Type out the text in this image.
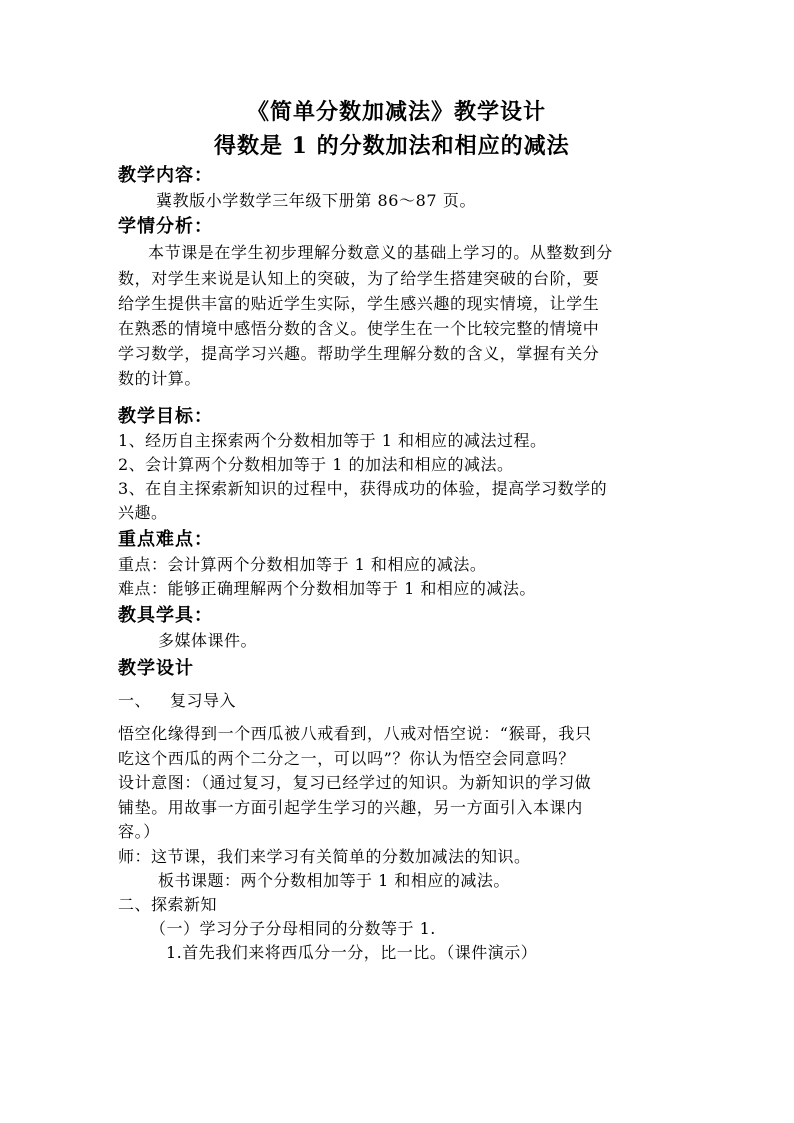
《简单分数加减法》教学设计
得数是 1 的分数加法和相应的减法
教学内容：
冀教版小学数学三年级下册第 86～87 页。
学情分析：
本节课是在学生初步理解分数意义的基础上学习的。从整数到分
数，对学生来说是认知上的突破，为了给学生搭建突破的台阶，要
给学生提供丰富的贴近学生实际，学生感兴趣的现实情境，让学生
在熟悉的情境中感悟分数的含义。使学生在一个比较完整的情境中
学习数学，提高学习兴趣。帮助学生理解分数的含义，掌握有关分
数的计算。
教学目标：
1、经历自主探索两个分数相加等于 1 和相应的减法过程。
2、会计算两个分数相加等于 1 的加法和相应的减法。
3、在自主探索新知识的过程中，获得成功的体验，提高学习数学的
兴趣。
重点难点：
重点：会计算两个分数相加等于 1 和相应的减法。
难点：能够正确理解两个分数相加等于 1 和相应的减法。
教具学具：
多媒体课件。
教学设计
一、 复习导入
悟空化缘得到一个西瓜被八戒看到，八戒对悟空说：“猴哥，我只
吃这个西瓜的两个二分之一，可以吗”？你认为悟空会同意吗？
设计意图：（通过复习，复习已经学过的知识。为新知识的学习做
铺垫。用故事一方面引起学生学习的兴趣，另一方面引入本课内
容。）
师：这节课，我们来学习有关简单的分数加减法的知识。
板书课题：两个分数相加等于 1 和相应的减法。
二、探索新知
（一）学习分子分母相同的分数等于 1.
1.首先我们来将西瓜分一分，比一比。（课件演示）
